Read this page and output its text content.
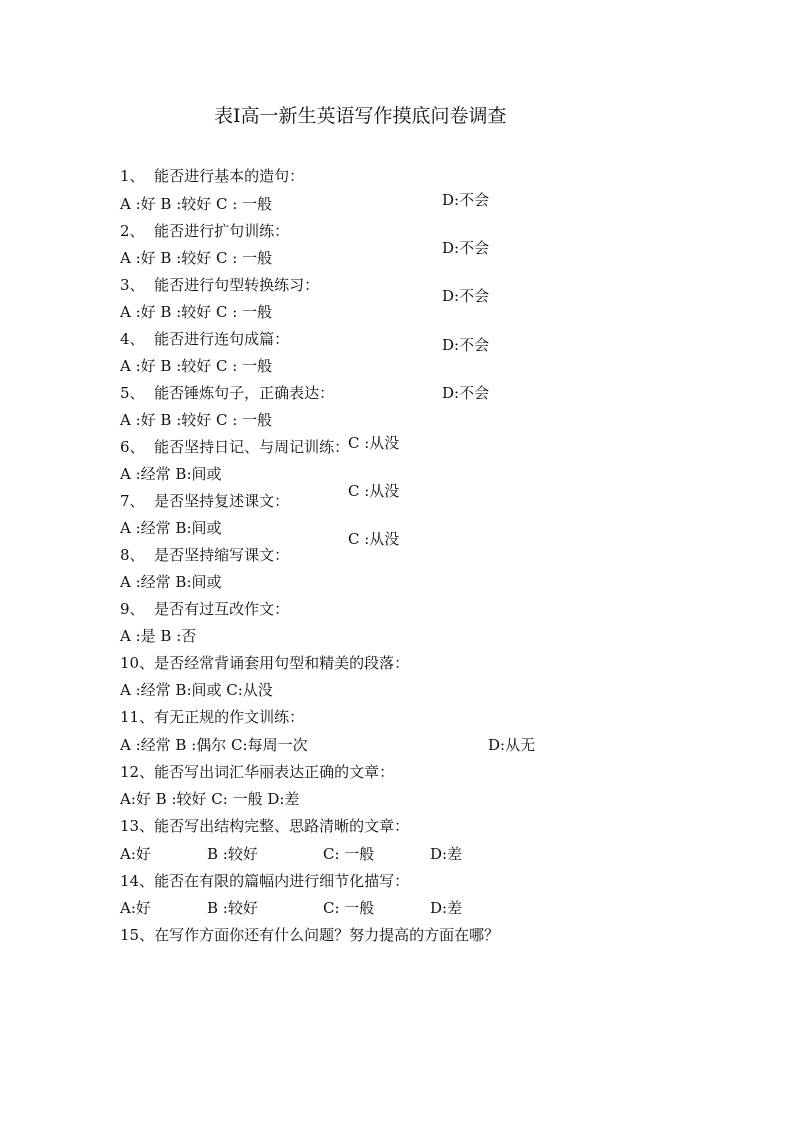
表I高一新生英语写作摸底问卷调查
1、  能否进行基本的造句：
A :好 B :较好 C : 一般	D:不会
2、  能否进行扩句训练：
A :好 B :较好 C : 一般
D:不会
3、  能否进行句型转换练习：
A :好 B :较好 C : 一般
D:不会
4、  能否进行连句成篇：
A :好 B :较好 C : 一般
D:不会
5、  能否锤炼句子，正确表达：
A :好 B :较好 C : 一般
D:不会
6、  能否坚持日记、与周记训练：
A :经常 B:间或
C :从没
7、  是否坚持复述课文：
A :经常 B:间或
C :从没
8、  是否坚持缩写课文：
A :经常 B:间或
C :从没
9、  是否有过互改作文：
A :是 B :否
10、是否经常背诵套用句型和精美的段落：
A :经常 B:间或 C:从没
11、有无正规的作文训练：
A :经常 B :偶尔 C:每周一次	D:从无
12、能否写出词汇华丽表达正确的文章：
A:好 B :较好 C: 一般 D:差
13、能否写出结构完整、思路清晰的文章：
A:好	B :较好	C: 一般	D:差
14、能否在有限的篇幅内进行细节化描写：
A:好	B :较好	C: 一般	D:差
15、在写作方面你还有什么问题？努力提高的方面在哪？
